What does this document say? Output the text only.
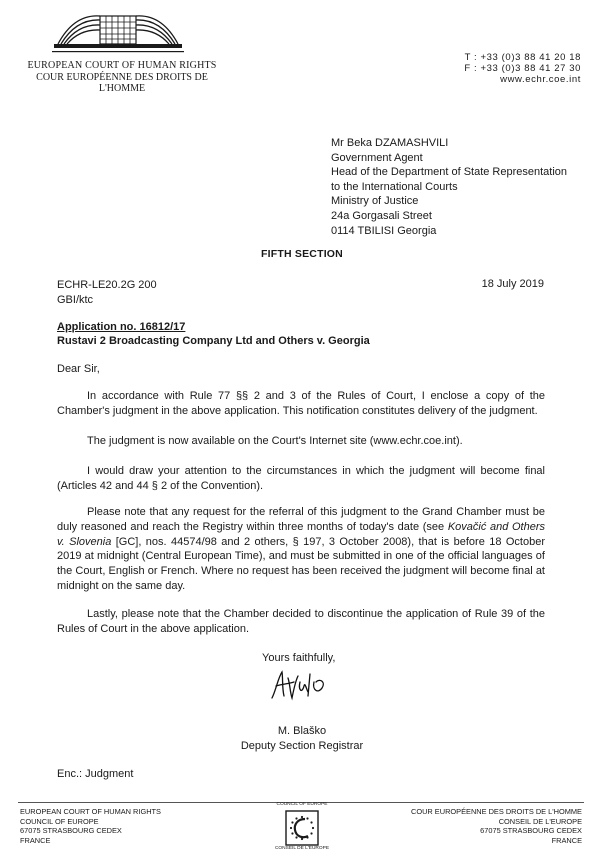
EUROPEAN COURT OF HUMAN RIGHTS
COUR EUROPÉENNE DES DROITS DE L'HOMME
T : +33 (0)3 88 41 20 18
F : +33 (0)3 88 41 27 30
www.echr.coe.int
Mr Beka DZAMASHVILI
Government Agent
Head of the Department of State Representation
to the International Courts
Ministry of Justice
24a Gorgasali Street
0114 TBILISI Georgia
FIFTH SECTION
ECHR-LE20.2G 200
GBI/ktc
18 July 2019
Application no. 16812/17
Rustavi 2 Broadcasting Company Ltd and Others v. Georgia
Dear Sir,
In accordance with Rule 77 §§ 2 and 3 of the Rules of Court, I enclose a copy of the Chamber's judgment in the above application. This notification constitutes delivery of the judgment.
The judgment is now available on the Court's Internet site (www.echr.coe.int).
I would draw your attention to the circumstances in which the judgment will become final (Articles 42 and 44 § 2 of the Convention).
Please note that any request for the referral of this judgment to the Grand Chamber must be duly reasoned and reach the Registry within three months of today's date (see Kovačić and Others v. Slovenia [GC], nos. 44574/98 and 2 others, § 197, 3 October 2008), that is before 18 October 2019 at midnight (Central European Time), and must be submitted in one of the official languages of the Court, English or French. Where no request has been received the judgment will become final at midnight on the same day.
Lastly, please note that the Chamber decided to discontinue the application of Rule 39 of the Rules of Court in the above application.
Yours faithfully,
M. Blaško
Deputy Section Registrar
Enc.: Judgment
EUROPEAN COURT OF HUMAN RIGHTS
COUNCIL OF EUROPE
67075 STRASBOURG CEDEX
FRANCE
COUR EUROPÉENNE DES DROITS DE L'HOMME
CONSEIL DE L'EUROPE
67075 STRASBOURG CEDEX
FRANCE
COUNCIL OF EUROPE
CONSEIL DE L'EUROPE
